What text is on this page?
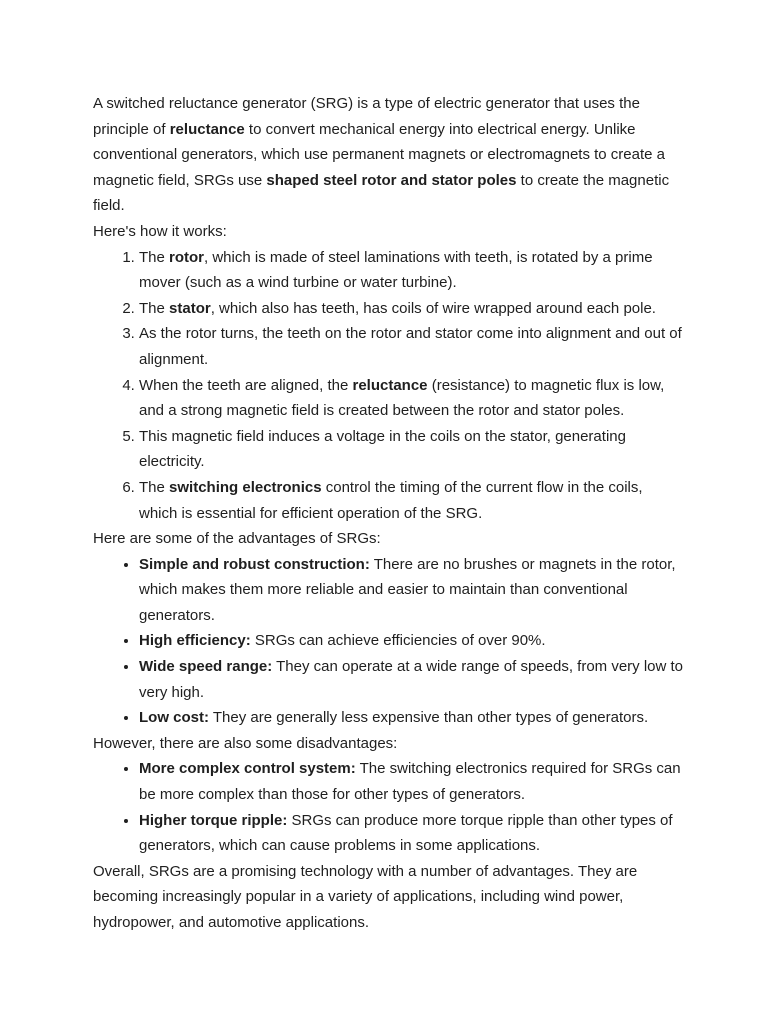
A switched reluctance generator (SRG) is a type of electric generator that uses the principle of reluctance to convert mechanical energy into electrical energy. Unlike conventional generators, which use permanent magnets or electromagnets to create a magnetic field, SRGs use shaped steel rotor and stator poles to create the magnetic field.

Here's how it works:

1. The rotor, which is made of steel laminations with teeth, is rotated by a prime mover (such as a wind turbine or water turbine).
2. The stator, which also has teeth, has coils of wire wrapped around each pole.
3. As the rotor turns, the teeth on the rotor and stator come into alignment and out of alignment.
4. When the teeth are aligned, the reluctance (resistance) to magnetic flux is low, and a strong magnetic field is created between the rotor and stator poles.
5. This magnetic field induces a voltage in the coils on the stator, generating electricity.
6. The switching electronics control the timing of the current flow in the coils, which is essential for efficient operation of the SRG.

Here are some of the advantages of SRGs:

• Simple and robust construction: There are no brushes or magnets in the rotor, which makes them more reliable and easier to maintain than conventional generators.
• High efficiency: SRGs can achieve efficiencies of over 90%.
• Wide speed range: They can operate at a wide range of speeds, from very low to very high.
• Low cost: They are generally less expensive than other types of generators.

However, there are also some disadvantages:

• More complex control system: The switching electronics required for SRGs can be more complex than those for other types of generators.
• Higher torque ripple: SRGs can produce more torque ripple than other types of generators, which can cause problems in some applications.

Overall, SRGs are a promising technology with a number of advantages. They are becoming increasingly popular in a variety of applications, including wind power, hydropower, and automotive applications.
